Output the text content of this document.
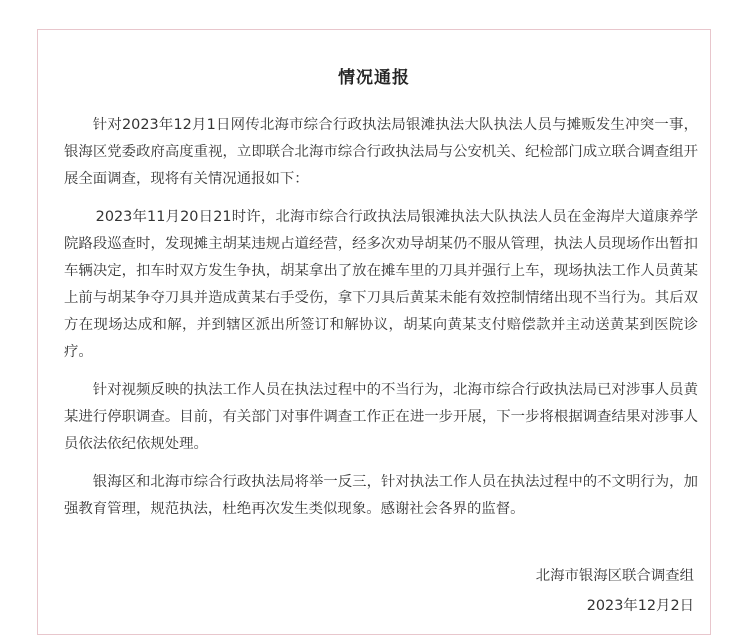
情况通报

针对2023年12月1日网传北海市综合行政执法局银滩执法大队执法人员与摊贩发生冲突一事，银海区党委政府高度重视，立即联合北海市综合行政执法局与公安机关、纪检部门成立联合调查组开展全面调查，现将有关情况通报如下：

2023年11月20日21时许，北海市综合行政执法局银滩执法大队执法人员在金海岸大道康养学院路段巡查时，发现摊主胡某违规占道经营，经多次劝导胡某仍不服从管理，执法人员现场作出暂扣车辆决定，扣车时双方发生争执，胡某拿出了放在摊车里的刀具并强行上车，现场执法工作人员黄某上前与胡某争夺刀具并造成黄某右手受伤，拿下刀具后黄某未能有效控制情绪出现不当行为。其后双方在现场达成和解，并到辖区派出所签订和解协议，胡某向黄某支付赔偿款并主动送黄某到医院诊疗。

针对视频反映的执法工作人员在执法过程中的不当行为，北海市综合行政执法局已对涉事人员黄某进行停职调查。目前，有关部门对事件调查工作正在进一步开展，下一步将根据调查结果对涉事人员依法依纪依规处理。

银海区和北海市综合行政执法局将举一反三，针对执法工作人员在执法过程中的不文明行为，加强教育管理，规范执法，杜绝再次发生类似现象。感谢社会各界的监督。

北海市银海区联合调查组
2023年12月2日
